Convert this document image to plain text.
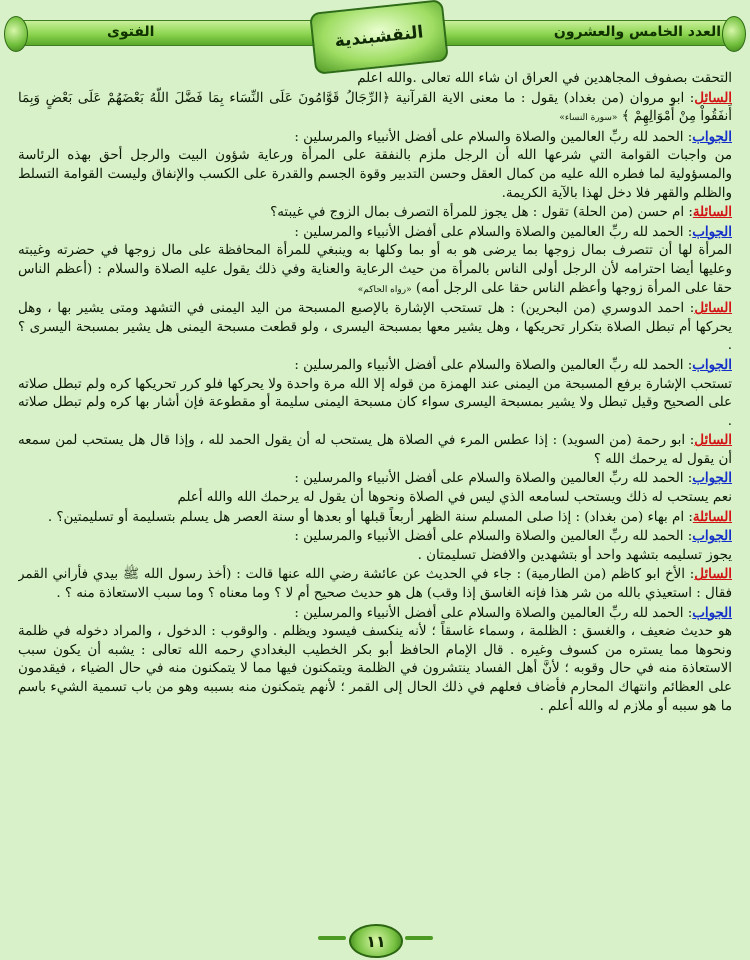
العدد الخامس والعشرون
الفتوى	النقشبندية

التحقت بصفوف المجاهدين في العراق ان شاء الله تعالى .والله اعلم

السائل: ابو مروان (من بغداد) يقول : ما معنى الاية القرآنية ﴿الرِّجَالُ قَوَّامُونَ عَلَى النِّسَاء بِمَا فَضَّلَ اللّهُ بَعْضَهُمْ عَلَى بَعْضٍ وَبِمَا أَنفَقُواْ مِنْ أَمْوَالِهِمْ ﴾ «سورة النساء»

الجواب: الحمد لله ربِّ العالمين والصلاة والسلام على أفضل الأنبياء والمرسلين :
من واجبات القوامة التي شرعها الله أن الرجل ملزم بالنفقة على المرأة ورعاية شؤون البيت والرجل أحق بهذه الرئاسة والمسؤولية لما فطره الله عليه من كمال العقل وحسن التدبير وقوة الجسم والقدرة على الكسب والإنفاق وليست القوامة التسلط والظلم والقهر فلا دخل لهذا بالآية الكريمة.

السائلة: ام حسن (من الحلة) تقول : هل يجوز للمرأة التصرف بمال الزوج في غيبته؟

الجواب: الحمد لله ربِّ العالمين والصلاة والسلام على أفضل الأنبياء والمرسلين :
المرأة لها أن تتصرف بمال زوجها بما يرضى هو به أو بما وكلها به وينبغي للمرأة المحافظة على مال زوجها في حضرته وغيبته وعليها أيضا احترامه لأن الرجل أولى الناس بالمرأة من حيث الرعاية والعناية وفي ذلك يقول عليه الصلاة والسلام : (أعظم الناس حقا على المرأة زوجها وأعظم الناس حقا على الرجل أمه) «رواه الحاكم»

السائل: احمد الدوسري (من البحرين) : هل تستحب الإشارة بالإصبع المسبحة من اليد اليمنى في التشهد ومتى يشير بها ، وهل يحركها أم تبطل الصلاة بتكرار تحريكها ، وهل يشير معها بمسبحة اليسرى ، ولو قطعت مسبحة اليمنى هل يشير بمسبحة اليسرى ؟ .

الجواب: الحمد لله ربِّ العالمين والصلاة والسلام على أفضل الأنبياء والمرسلين :
تستحب الإشارة برفع المسبحة من اليمنى عند الهمزة من قوله إلا الله مرة واحدة ولا يحركها فلو كرر تحريكها كره ولم تبطل صلاته على الصحيح وقيل تبطل ولا يشير بمسبحة اليسرى سواء كان مسبحة اليمنى سليمة أو مقطوعة فإن أشار بها كره ولم تبطل صلاته .

السائل: ابو رحمة (من السويد) : إذا عطس المرء في الصلاة هل يستحب له أن يقول الحمد لله ، وإذا قال هل يستحب لمن سمعه أن يقول له يرحمك الله ؟

الجواب: الحمد لله ربِّ العالمين والصلاة والسلام على أفضل الأنبياء والمرسلين :
نعم يستحب له ذلك ويستحب لسامعه الذي ليس في الصلاة ونحوها أن يقول له يرحمك الله والله أعلم

السائلة: ام بهاء (من بغداد) : إذا صلى المسلم سنة الظهر أربعاً قبلها أو بعدها أو سنة العصر هل يسلم بتسليمة أو تسليمتين؟ .

الجواب: الحمد لله ربِّ العالمين والصلاة والسلام على أفضل الأنبياء والمرسلين :
يجوز تسليمه بتشهد واحد أو بتشهدين والافضل تسليمتان .

السائل: الأخ ابو كاظم (من الطارمية) : جاء في الحديث عن عائشة رضي الله عنها قالت : (أخذ رسول الله ﷺ بيدي فأراني القمر فقال : استعيذي بالله من شر هذا فإنه الغاسق إذا وقب) هل هو حديث صحيح أم لا ؟ وما معناه ؟ وما سبب الاستعاذة منه ؟ .

الجواب: الحمد لله ربِّ العالمين والصلاة والسلام على أفضل الأنبياء والمرسلين :
هو حديث ضعيف ، والغسق : الظلمة ، وسماء غاسقاً ؛ لأنه ينكسف فيسود ويظلم . والوقوب : الدخول ، والمراد دخوله في ظلمة ونحوها مما يستره من كسوف وغيره . قال الإمام الحافظ أبو بكر الخطيب البغدادي رحمه الله تعالى : يشبه أن يكون سبب الاستعاذة منه في حال وقوبه ؛ لأنَّ أهل الفساد ينتشرون في الظلمة ويتمكنون فيها مما لا يتمكنون منه في حال الضياء ، فيقدمون على العظائم وانتهاك المحارم فأضاف فعلهم في ذلك الحال إلى القمر ؛ لأنهم يتمكنون منه بسببه وهو من باب تسمية الشيء باسم ما هو سببه أو ملازم له والله أعلم .

١١
